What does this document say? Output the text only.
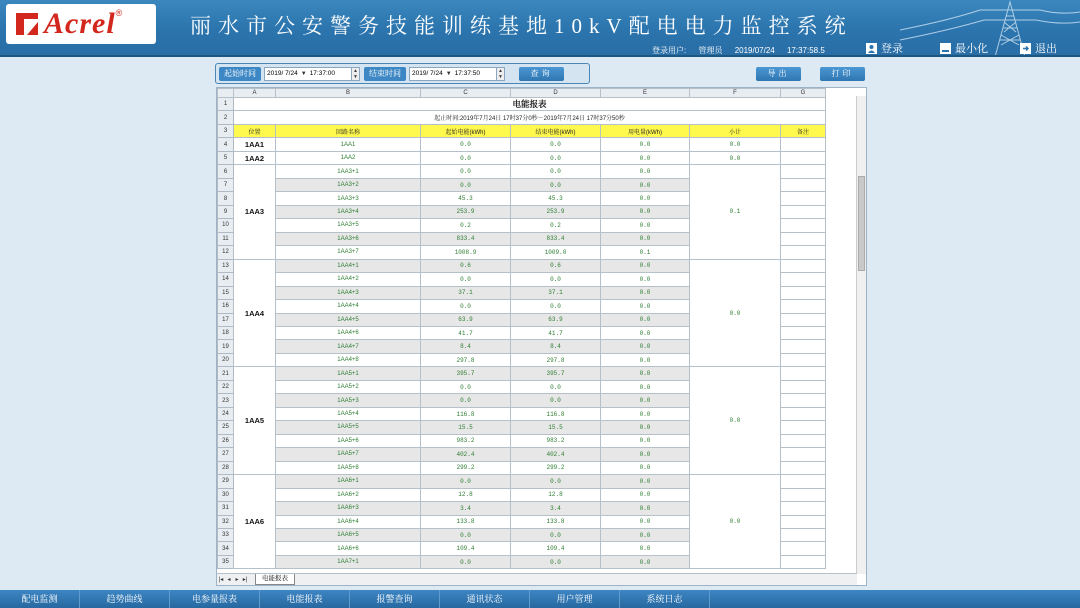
Acrel ®
丽水市公安警务技能训练基地10kV配电电力监控系统
登录用户: 管理员 2019/07/24 17:37:58.5	登录	最小化	退出
起始时间	2019/ 7/24 ▼ 17:37:00	▲
▼	结束时间	2019/ 7/24 ▼ 17:37:50	▲
▼	查询	导出	打印
	A	B	C	D	E	F	G
1	电能报表						
2	起止时间:2019年7月24日 17时37分0秒－2019年7月24日 17时37分50秒						
3	位置	回路名称	起始电能(kWh)	结束电能(kWh)	用电量(kWh)	小计	备注
4	1AA1	1AA1	0.0	0.0	0.0	0.0	
5	1AA2	1AA2	0.0	0.0	0.0	0.0	
6	1AA3	1AA3+1	0.0	0.0	0.0	0.1	
7		1AA3+2	0.0	0.0	0.0		
8		1AA3+3	45.3	45.3	0.0		
9		1AA3+4	253.9	253.9	0.0		
10		1AA3+5	0.2	0.2	0.0		
11		1AA3+6	833.4	833.4	0.0		
12		1AA3+7	1008.9	1009.0	0.1		
13	1AA4	1AA4+1	0.6	0.6	0.0	0.0	
14		1AA4+2	0.0	0.0	0.0		
15		1AA4+3	37.1	37.1	0.0		
16		1AA4+4	0.0	0.0	0.0		
17		1AA4+5	63.9	63.9	0.0		
18		1AA4+6	41.7	41.7	0.0		
19		1AA4+7	8.4	8.4	0.0		
20		1AA4+8	297.8	297.8	0.0		
21	1AA5	1AA5+1	395.7	395.7	0.0	0.0	
22		1AA5+2	0.0	0.0	0.0		
23		1AA5+3	0.0	0.0	0.0		
24		1AA5+4	116.8	116.8	0.0		
25		1AA5+5	15.5	15.5	0.0		
26		1AA5+6	983.2	983.2	0.0		
27		1AA5+7	402.4	402.4	0.0		
28		1AA5+8	299.2	299.2	0.0		
29	1AA6	1AA6+1	0.0	0.0	0.0	0.0	
30		1AA6+2	12.8	12.8	0.0		
31		1AA6+3	3.4	3.4	0.0		
32		1AA6+4	133.8	133.8	0.0		
33		1AA6+5	0.0	0.0	0.0		
34		1AA6+6	109.4	109.4	0.0		
35		1AA7+1	0.0	0.0	0.0		
|◂ ◂ ▸ ▸|	电能报表
配电监测	趋势曲线	电参量报表	电能报表	报警查询	通讯状态	用户管理	系统日志
